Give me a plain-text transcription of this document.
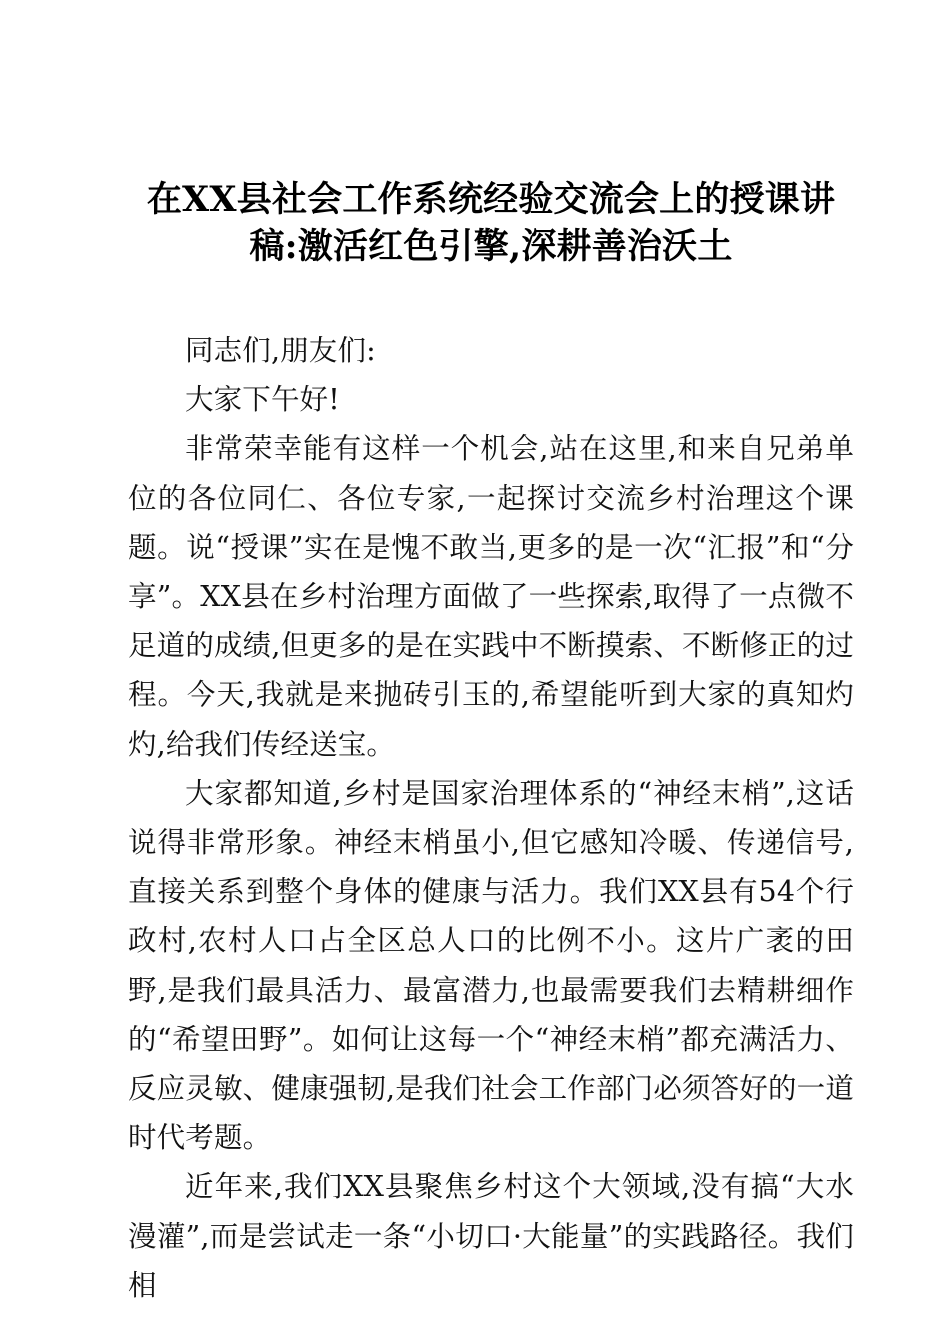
在XX县社会工作系统经验交流会上的授课讲稿:激活红色引擎,深耕善治沃土

同志们,朋友们:

大家下午好!

非常荣幸能有这样一个机会,站在这里,和来自兄弟单位的各位同仁、各位专家,一起探讨交流乡村治理这个课题。说“授课”实在是愧不敢当,更多的是一次“汇报”和“分享”。XX县在乡村治理方面做了一些探索,取得了一点微不足道的成绩,但更多的是在实践中不断摸索、不断修正的过程。今天,我就是来抛砖引玉的,希望能听到大家的真知灼灼,给我们传经送宝。

大家都知道,乡村是国家治理体系的“神经末梢”,这话说得非常形象。神经末梢虽小,但它感知冷暖、传递信号,直接关系到整个身体的健康与活力。我们XX县有54个行政村,农村人口占全区总人口的比例不小。这片广袤的田野,是我们最具活力、最富潜力,也最需要我们去精耕细作的“希望田野”。如何让这每一个“神经末梢”都充满活力、反应灵敏、健康强韧,是我们社会工作部门必须答好的一道时代考题。

近年来,我们XX县聚焦乡村这个大领域,没有搞“大水漫灌”,而是尝试走一条“小切口·大能量”的实践路径。我们相
